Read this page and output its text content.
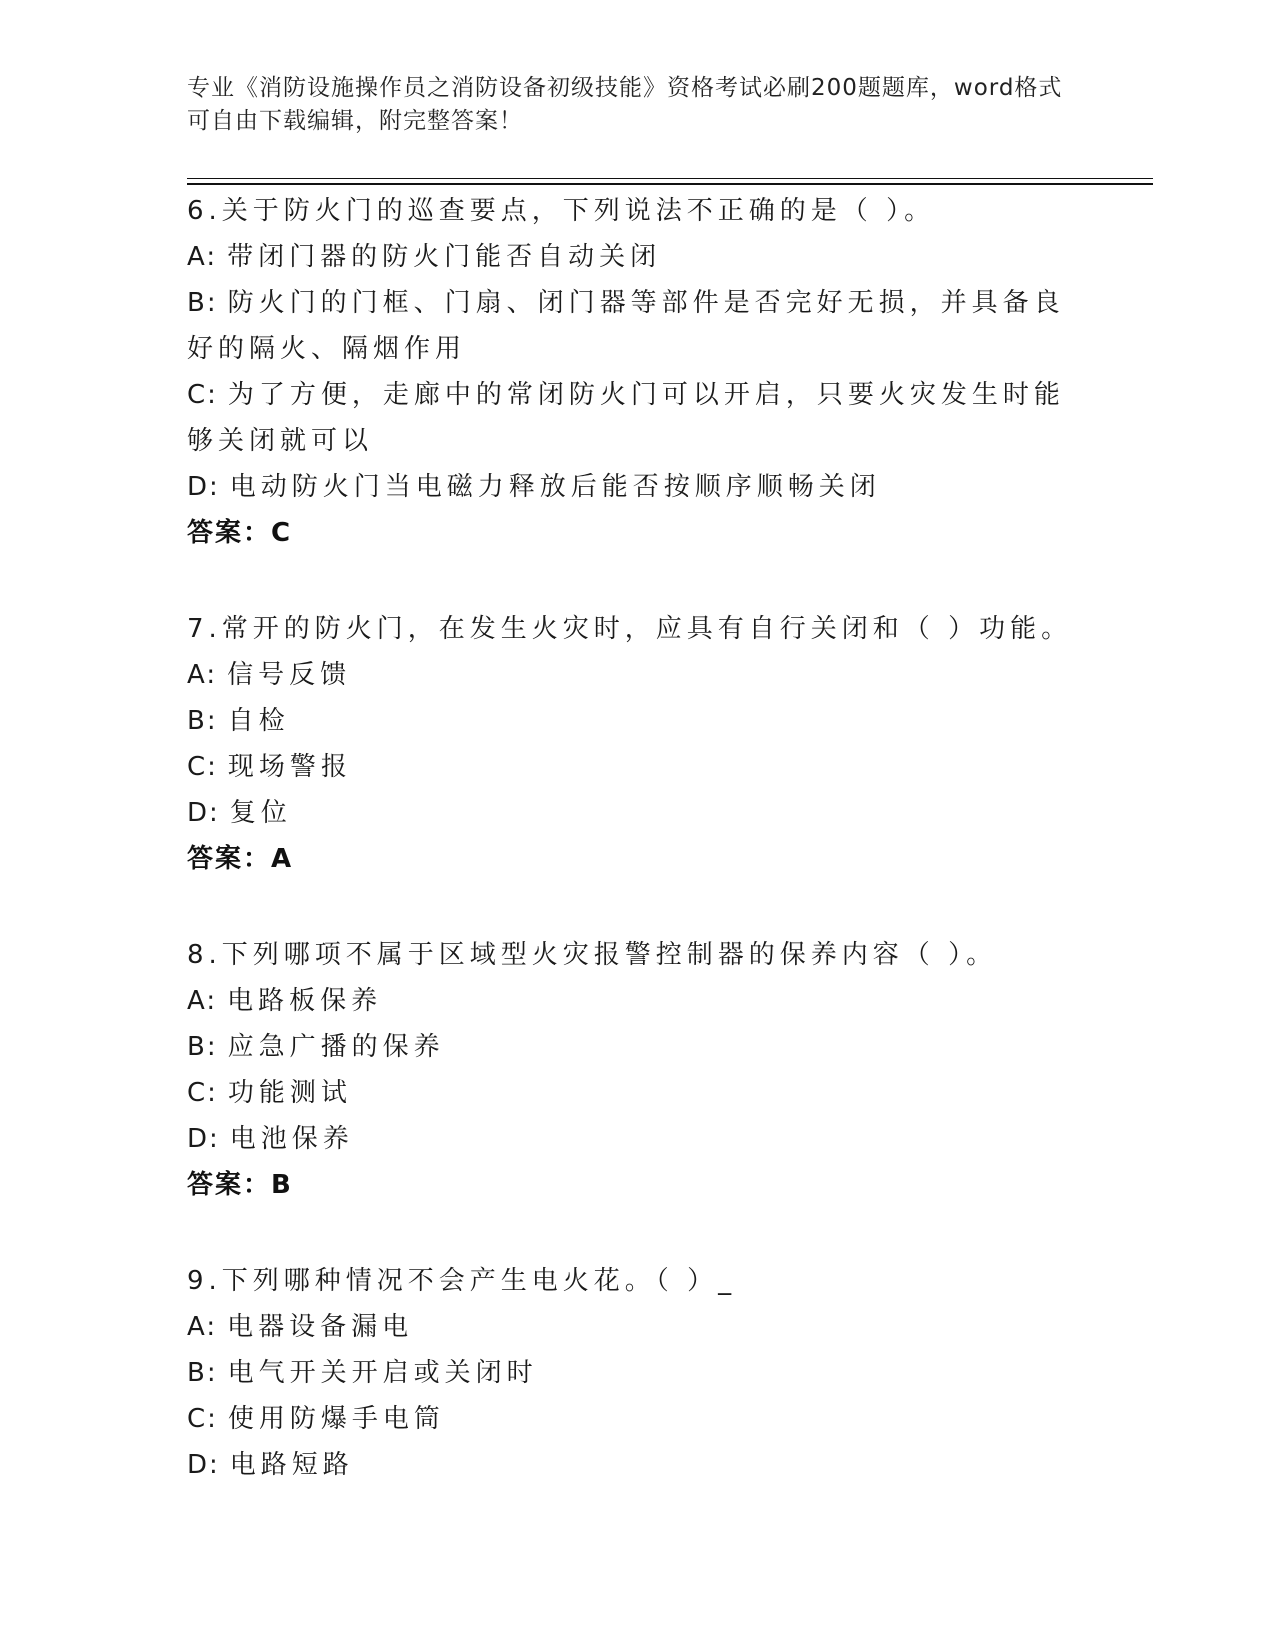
专业《消防设施操作员之消防设备初级技能》资格考试必刷200题题库，word格式可自由下载编辑，附完整答案！
6.关于防火门的巡查要点，下列说法不正确的是（ ）。
A: 带闭门器的防火门能否自动关闭
B: 防火门的门框、门扇、闭门器等部件是否完好无损，并具备良好的隔火、隔烟作用
C: 为了方便，走廊中的常闭防火门可以开启，只要火灾发生时能够关闭就可以
D: 电动防火门当电磁力释放后能否按顺序顺畅关闭
答案：C
7.常开的防火门，在发生火灾时，应具有自行关闭和（ ）功能。
A: 信号反馈
B: 自检
C: 现场警报
D: 复位
答案：A
8.下列哪项不属于区域型火灾报警控制器的保养内容（ ）。
A: 电路板保养
B: 应急广播的保养
C: 功能测试
D: 电池保养
答案：B
9.下列哪种情况不会产生电火花。（ ）_
A: 电器设备漏电
B: 电气开关开启或关闭时
C: 使用防爆手电筒
D: 电路短路
